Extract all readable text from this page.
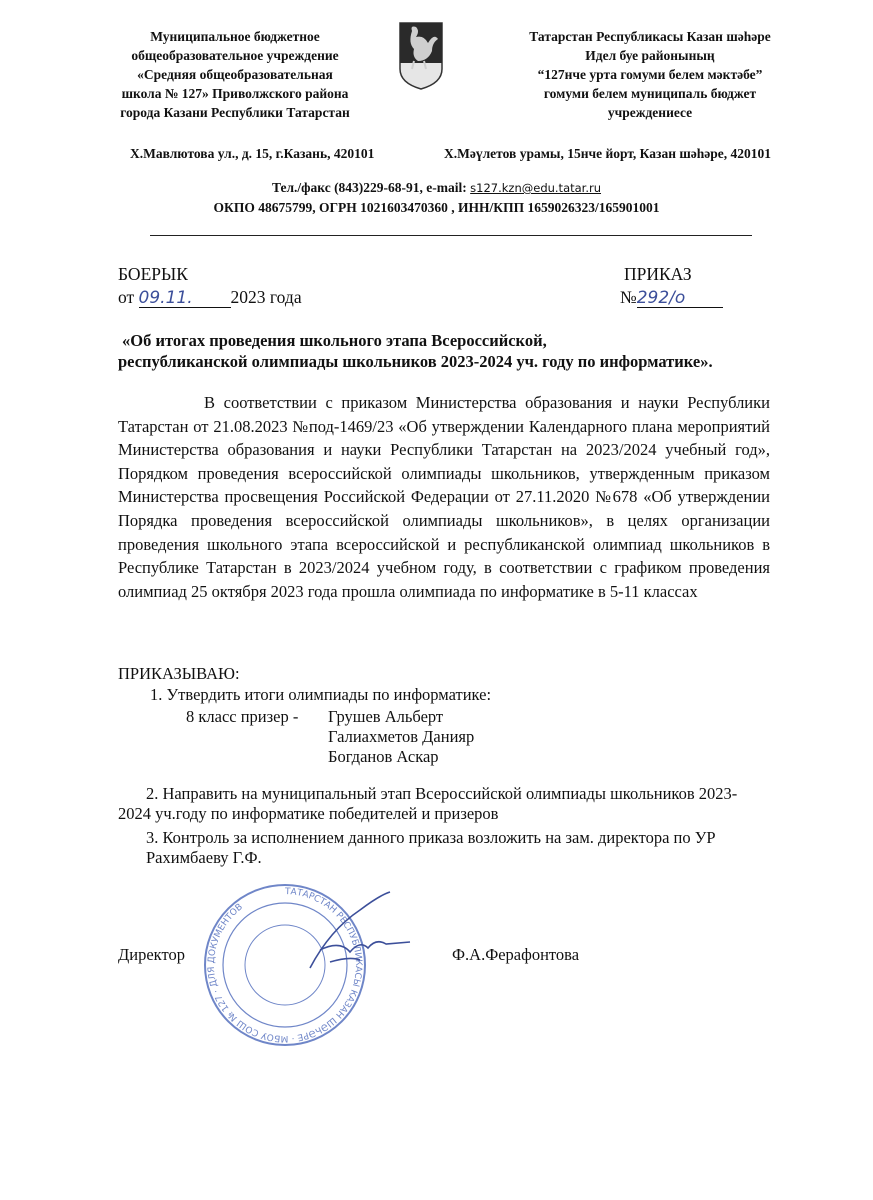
Муниципальное бюджетное
общеобразовательное учреждение
«Средняя общеобразовательная
школа № 127» Приволжского района
города Казани Республики Татарстан
Татарстан Республикасы Казан шәһәре
Идел буе районының
“127нче урта гомуми белем мәктәбе”
гомуми белем муниципаль бюджет
учреждениесе
Х.Мавлютова ул., д. 15, г.Казань, 420101	Х.Мәүлетов урамы, 15нче йорт, Казан шәһәре, 420101
Тел./факс (843)229-68-91, e-mail: s127.kzn@edu.tatar.ru
ОКПО 48675799, ОГРН 1021603470360 , ИНН/КПП 1659026323/165901001
БОЕРЫК
от 09.11. 2023 года
ПРИКАЗ
№292/о
«Об итогах проведения школьного этапа Всероссийской,
республиканской олимпиады школьников 2023-2024 уч. году по информатике».
В соответствии с приказом Министерства образования и науки Республики Татарстан от 21.08.2023 №под-1469/23 «Об утверждении Календарного плана мероприятий Министерства образования и науки Республики Татарстан на 2023/2024 учебный год», Порядком проведения всероссийской олимпиады школьников, утвержденным приказом Министерства просвещения Российской Федерации от 27.11.2020 №678 «Об утверждении Порядка проведения всероссийской олимпиады школьников», в целях организации проведения школьного этапа всероссийской и республиканской олимпиад школьников в Республике Татарстан в 2023/2024 учебном году, в соответствии с графиком проведения олимпиад 25 октября 2023 года прошла олимпиада по информатике в 5-11 классах
ПРИКАЗЫВАЮ:
1. Утвердить итоги олимпиады по информатике:
8 класс призер - Грушев Альберт
Галиахметов Данияр
Богданов Аскар
2. Направить на муниципальный этап Всероссийской олимпиады школьников 2023-
2024 уч.году по информатике победителей и призеров
3. Контроль за исполнением данного приказа возложить на зам. директора по УР
Рахимбаеву Г.Ф.
ТАТАРСТАН РЕСПУБЛИКАСЫ КАЗАН ШӘҺӘРЕ · МБОУ СОШ № 127 · ДЛЯ ДОКУМЕНТОВ
Директор	Ф.А.Ферафонтова
